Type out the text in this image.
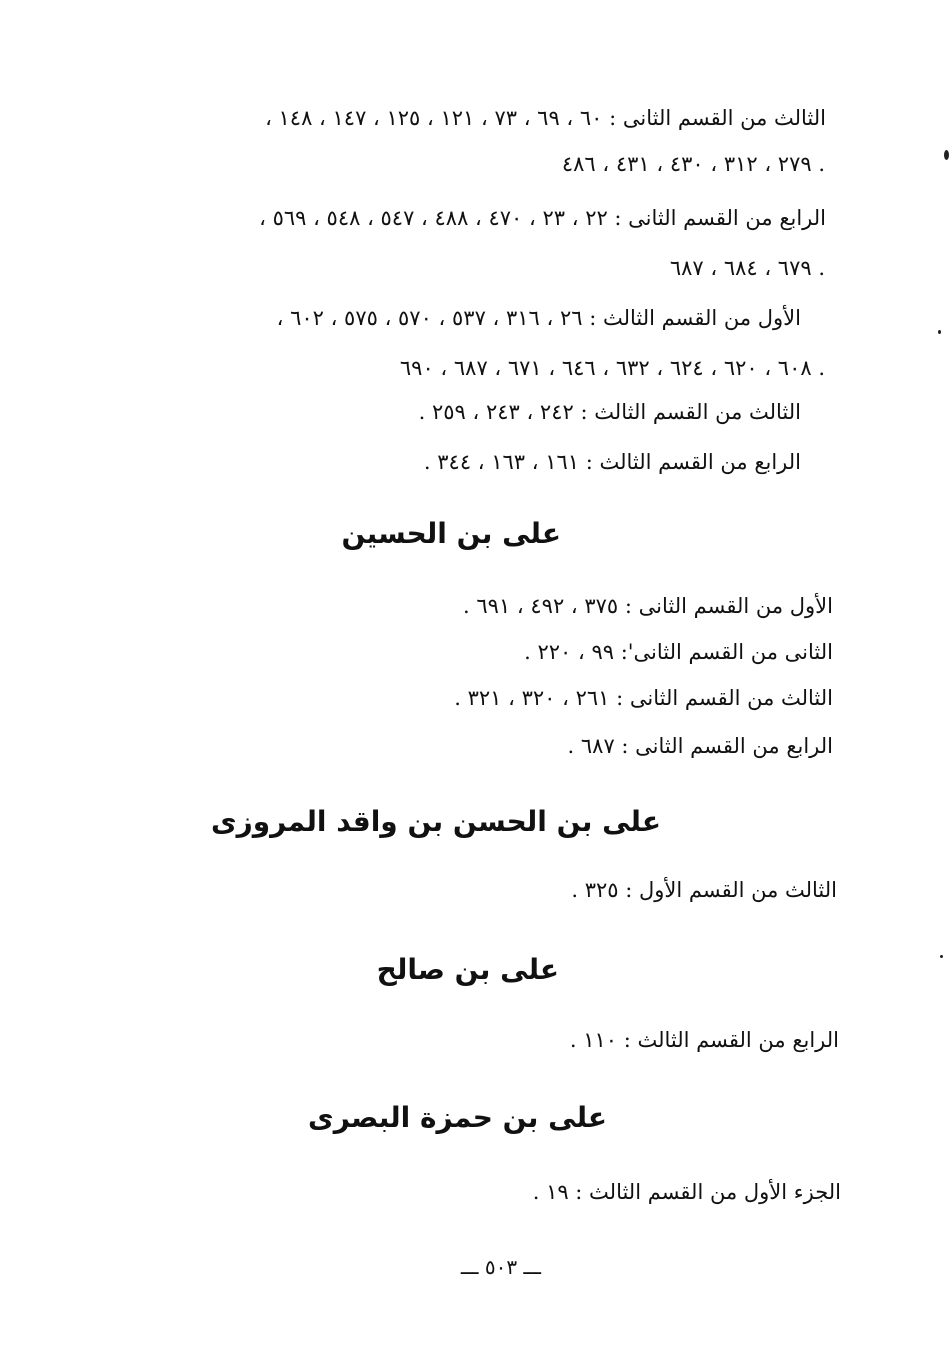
الثالث من القسم الثانى : ٦٠ ، ٦٩ ، ٧٣ ، ١٢١ ، ١٢٥ ، ١٤٧ ، ١٤٨ ،
٢٧٩ ، ٣١٢ ، ٤٣٠ ، ٤٣١ ، ٤٨٦ .
الرابع من القسم الثانى : ٢٢ ، ٢٣ ، ٤٧٠ ، ٤٨٨ ، ٥٤٧ ، ٥٤٨ ، ٥٦٩ ،
٦٧٩ ، ٦٨٤ ، ٦٨٧ .
الأول من القسم الثالث : ٢٦ ، ٣١٦ ، ٥٣٧ ، ٥٧٠ ، ٥٧٥ ، ٦٠٢ ،
٦٠٨ ، ٦٢٠ ، ٦٢٤ ، ٦٣٢ ، ٦٤٦ ، ٦٧١ ، ٦٨٧ ، ٦٩٠ .
الثالث من القسم الثالث : ٢٤٢ ، ٢٤٣ ، ٢٥٩ .
الرابع من القسم الثالث : ١٦١ ، ١٦٣ ، ٣٤٤ .
على بن الحسين
الأول من القسم الثانى : ٣٧٥ ، ٤٩٢ ، ٦٩١ .
الثانى من القسم الثانى': ٩٩ ، ٢٢٠ .
الثالث من القسم الثانى : ٢٦١ ، ٣٢٠ ، ٣٢١ .
الرابع من القسم الثانى : ٦٨٧ .
على بن الحسن بن واقد المروزى
الثالث من القسم الأول : ٣٢٥ .
على بن صالح
الرابع من القسم الثالث : ١١٠ .
على بن حمزة البصرى
الجزء الأول من القسم الثالث : ١٩ .
ـــ ٥٠٣ ـــ
